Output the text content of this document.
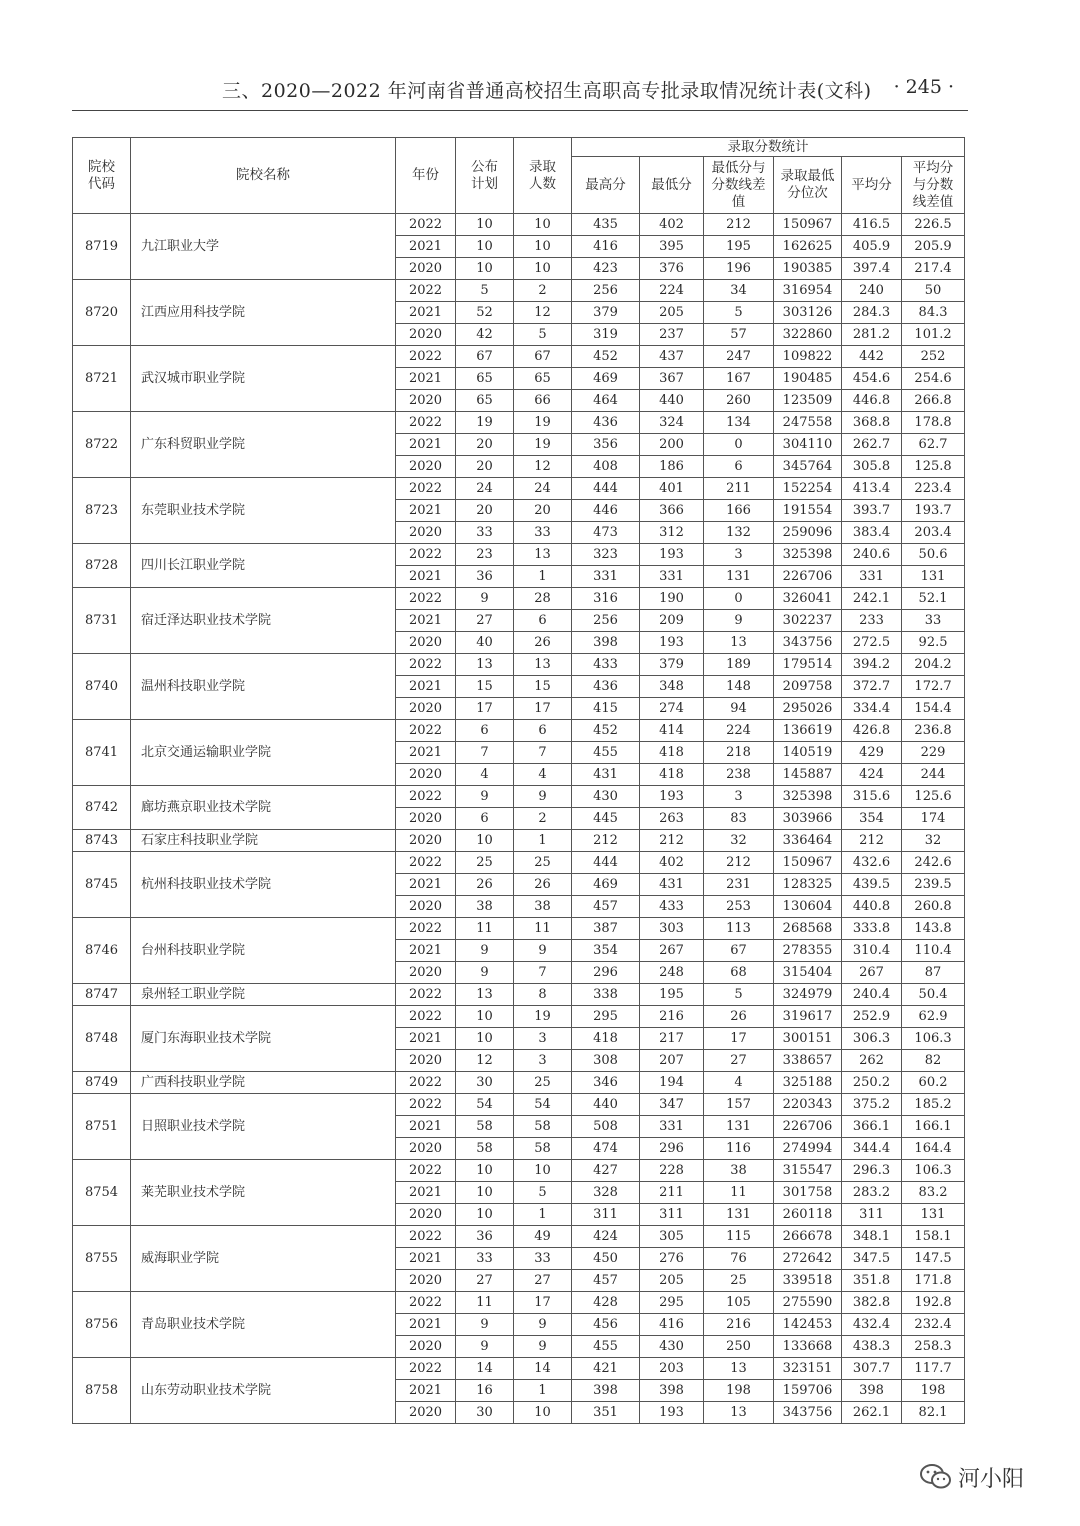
三、2020—2022 年河南省普通高校招生高职高专批录取情况统计表(文科) · 245 ·
院校代码	院校名称	年份	公布计划	录取人数	录取分数统计					
					最高分	最低分	最低分与分数线差值	录取最低分位次	平均分	平均分与分数线差值
8719	九江职业大学	2022	10	10	435	402	212	150967	416.5	226.5
		2021	10	10	416	395	195	162625	405.9	205.9
		2020	10	10	423	376	196	190385	397.4	217.4
8720	江西应用科技学院	2022	5	2	256	224	34	316954	240	50
		2021	52	12	379	205	5	303126	284.3	84.3
		2020	42	5	319	237	57	322860	281.2	101.2
8721	武汉城市职业学院	2022	67	67	452	437	247	109822	442	252
		2021	65	65	469	367	167	190485	454.6	254.6
		2020	65	66	464	440	260	123509	446.8	266.8
8722	广东科贸职业学院	2022	19	19	436	324	134	247558	368.8	178.8
		2021	20	19	356	200	0	304110	262.7	62.7
		2020	20	12	408	186	6	345764	305.8	125.8
8723	东莞职业技术学院	2022	24	24	444	401	211	152254	413.4	223.4
		2021	20	20	446	366	166	191554	393.7	193.7
		2020	33	33	473	312	132	259096	383.4	203.4
8728	四川长江职业学院	2022	23	13	323	193	3	325398	240.6	50.6
		2021	36	1	331	331	131	226706	331	131
8731	宿迁泽达职业技术学院	2022	9	28	316	190	0	326041	242.1	52.1
		2021	27	6	256	209	9	302237	233	33
		2020	40	26	398	193	13	343756	272.5	92.5
8740	温州科技职业学院	2022	13	13	433	379	189	179514	394.2	204.2
		2021	15	15	436	348	148	209758	372.7	172.7
		2020	17	17	415	274	94	295026	334.4	154.4
8741	北京交通运输职业学院	2022	6	6	452	414	224	136619	426.8	236.8
		2021	7	7	455	418	218	140519	429	229
		2020	4	4	431	418	238	145887	424	244
8742	廊坊燕京职业技术学院	2022	9	9	430	193	3	325398	315.6	125.6
		2020	6	2	445	263	83	303966	354	174
8743	石家庄科技职业学院	2020	10	1	212	212	32	336464	212	32
8745	杭州科技职业技术学院	2022	25	25	444	402	212	150967	432.6	242.6
		2021	26	26	469	431	231	128325	439.5	239.5
		2020	38	38	457	433	253	130604	440.8	260.8
8746	台州科技职业学院	2022	11	11	387	303	113	268568	333.8	143.8
		2021	9	9	354	267	67	278355	310.4	110.4
		2020	9	7	296	248	68	315404	267	87
8747	泉州轻工职业学院	2022	13	8	338	195	5	324979	240.4	50.4
8748	厦门东海职业技术学院	2022	10	19	295	216	26	319617	252.9	62.9
		2021	10	3	418	217	17	300151	306.3	106.3
		2020	12	3	308	207	27	338657	262	82
8749	广西科技职业学院	2022	30	25	346	194	4	325188	250.2	60.2
8751	日照职业技术学院	2022	54	54	440	347	157	220343	375.2	185.2
		2021	58	58	508	331	131	226706	366.1	166.1
		2020	58	58	474	296	116	274994	344.4	164.4
8754	莱芜职业技术学院	2022	10	10	427	228	38	315547	296.3	106.3
		2021	10	5	328	211	11	301758	283.2	83.2
		2020	10	1	311	311	131	260118	311	131
8755	威海职业学院	2022	36	49	424	305	115	266678	348.1	158.1
		2021	33	33	450	276	76	272642	347.5	147.5
		2020	27	27	457	205	25	339518	351.8	171.8
8756	青岛职业技术学院	2022	11	17	428	295	105	275590	382.8	192.8
		2021	9	9	456	416	216	142453	432.4	232.4
		2020	9	9	455	430	250	133668	438.3	258.3
8758	山东劳动职业技术学院	2022	14	14	421	203	13	323151	307.7	117.7
		2021	16	1	398	398	198	159706	398	198
		2020	30	10	351	193	13	343756	262.1	82.1
河小阳
